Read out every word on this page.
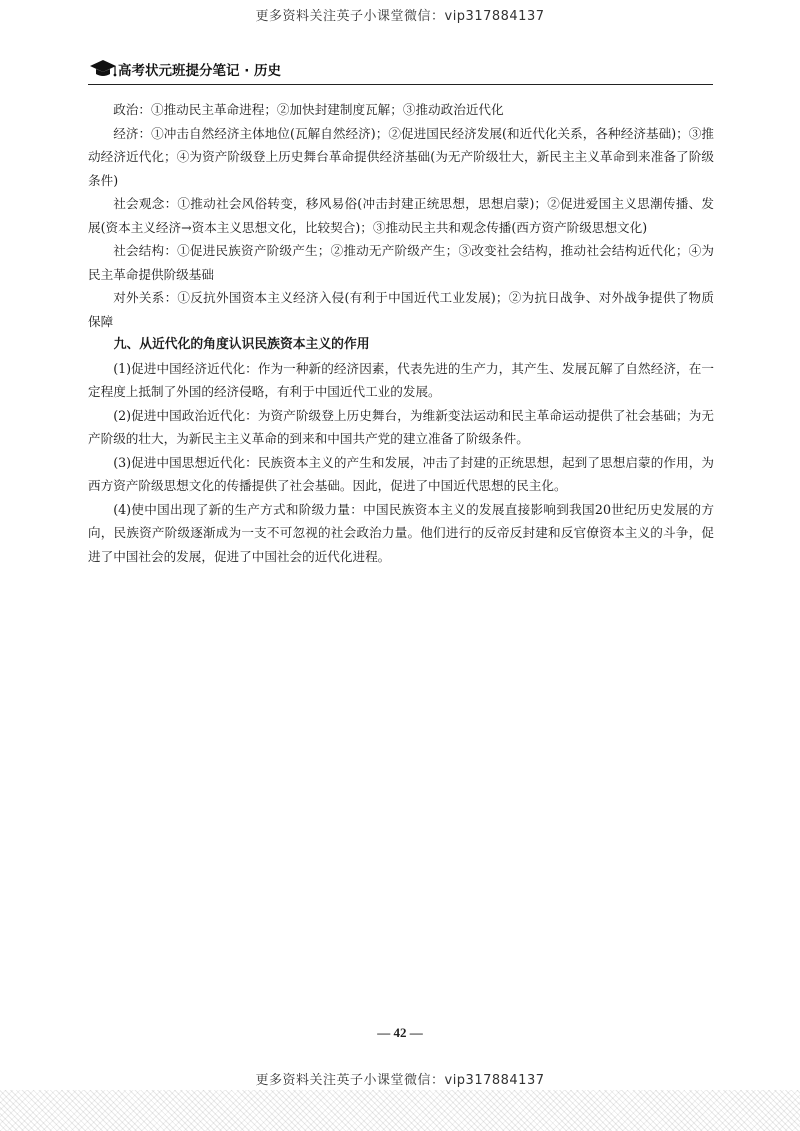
更多资料关注英子小课堂微信：vip317884137
高考状元班提分笔记 · 历史

政治：①推动民主革命进程；②加快封建制度瓦解；③推动政治近代化

经济：①冲击自然经济主体地位(瓦解自然经济)；②促进国民经济发展(和近代化关系，各种经济基础)；③推动经济近代化；④为资产阶级登上历史舞台革命提供经济基础(为无产阶级壮大，新民主主义革命到来准备了阶级条件)

社会观念：①推动社会风俗转变，移风易俗(冲击封建正统思想，思想启蒙)；②促进爱国主义思潮传播、发展(资本主义经济→资本主义思想文化，比较契合)；③推动民主共和观念传播(西方资产阶级思想文化)

社会结构：①促进民族资产阶级产生；②推动无产阶级产生；③改变社会结构，推动社会结构近代化；④为民主革命提供阶级基础

对外关系：①反抗外国资本主义经济入侵(有利于中国近代工业发展)；②为抗日战争、对外战争提供了物质保障

九、从近代化的角度认识民族资本主义的作用

(1)促进中国经济近代化：作为一种新的经济因素，代表先进的生产力，其产生、发展瓦解了自然经济，在一定程度上抵制了外国的经济侵略，有利于中国近代工业的发展。

(2)促进中国政治近代化：为资产阶级登上历史舞台，为维新变法运动和民主革命运动提供了社会基础；为无产阶级的壮大，为新民主主义革命的到来和中国共产党的建立准备了阶级条件。

(3)促进中国思想近代化：民族资本主义的产生和发展，冲击了封建的正统思想，起到了思想启蒙的作用，为西方资产阶级思想文化的传播提供了社会基础。因此，促进了中国近代思想的民主化。

(4)使中国出现了新的生产方式和阶级力量：中国民族资本主义的发展直接影响到我国20世纪历史发展的方向，民族资产阶级逐渐成为一支不可忽视的社会政治力量。他们进行的反帝反封建和反官僚资本主义的斗争，促进了中国社会的发展，促进了中国社会的近代化进程。

— 42 —
更多资料关注英子小课堂微信：vip317884137
